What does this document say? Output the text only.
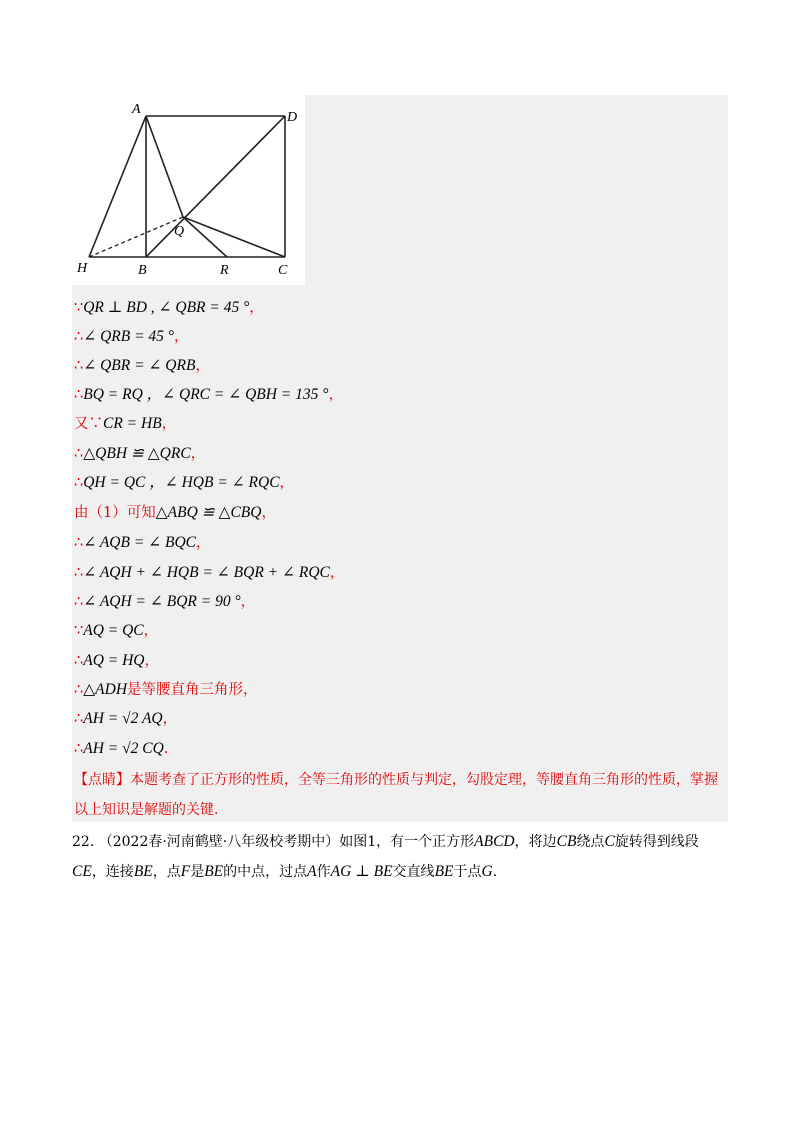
A
D
Q
H	B	R	C
∵QR ⊥ BD , ∠ QBR = 45 °，
∴∠ QRB = 45 °，
∴∠ QBR = ∠ QRB，
∴BQ = RQ ，∠ QRC = ∠ QBH = 135 °，
又∵CR = HB，
∴△QBH ≌ △QRC，
∴QH = QC ，∠ HQB = ∠ RQC，
由（1）可知△ABQ ≌ △CBQ，
∴∠ AQB = ∠ BQC，
∴∠ AQH + ∠ HQB = ∠ BQR + ∠ RQC，
∴∠ AQH = ∠ BQR = 90 °，
∵AQ = QC，
∴AQ = HQ，
∴△ADH是等腰直角三角形，
∴AH = √2 AQ，
∴AH = √2 CQ.
【点睛】本题考查了正方形的性质，全等三角形的性质与判定，勾股定理，等腰直角三角形的性质，掌握以上知识是解题的关键.
22. （2022春·河南鹤壁·八年级校考期中）如图1，有一个正方形ABCD，将边CB绕点C旋转得到线段CE，连接BE，点F是BE的中点，过点A作AG ⊥ BE交直线BE于点G.
